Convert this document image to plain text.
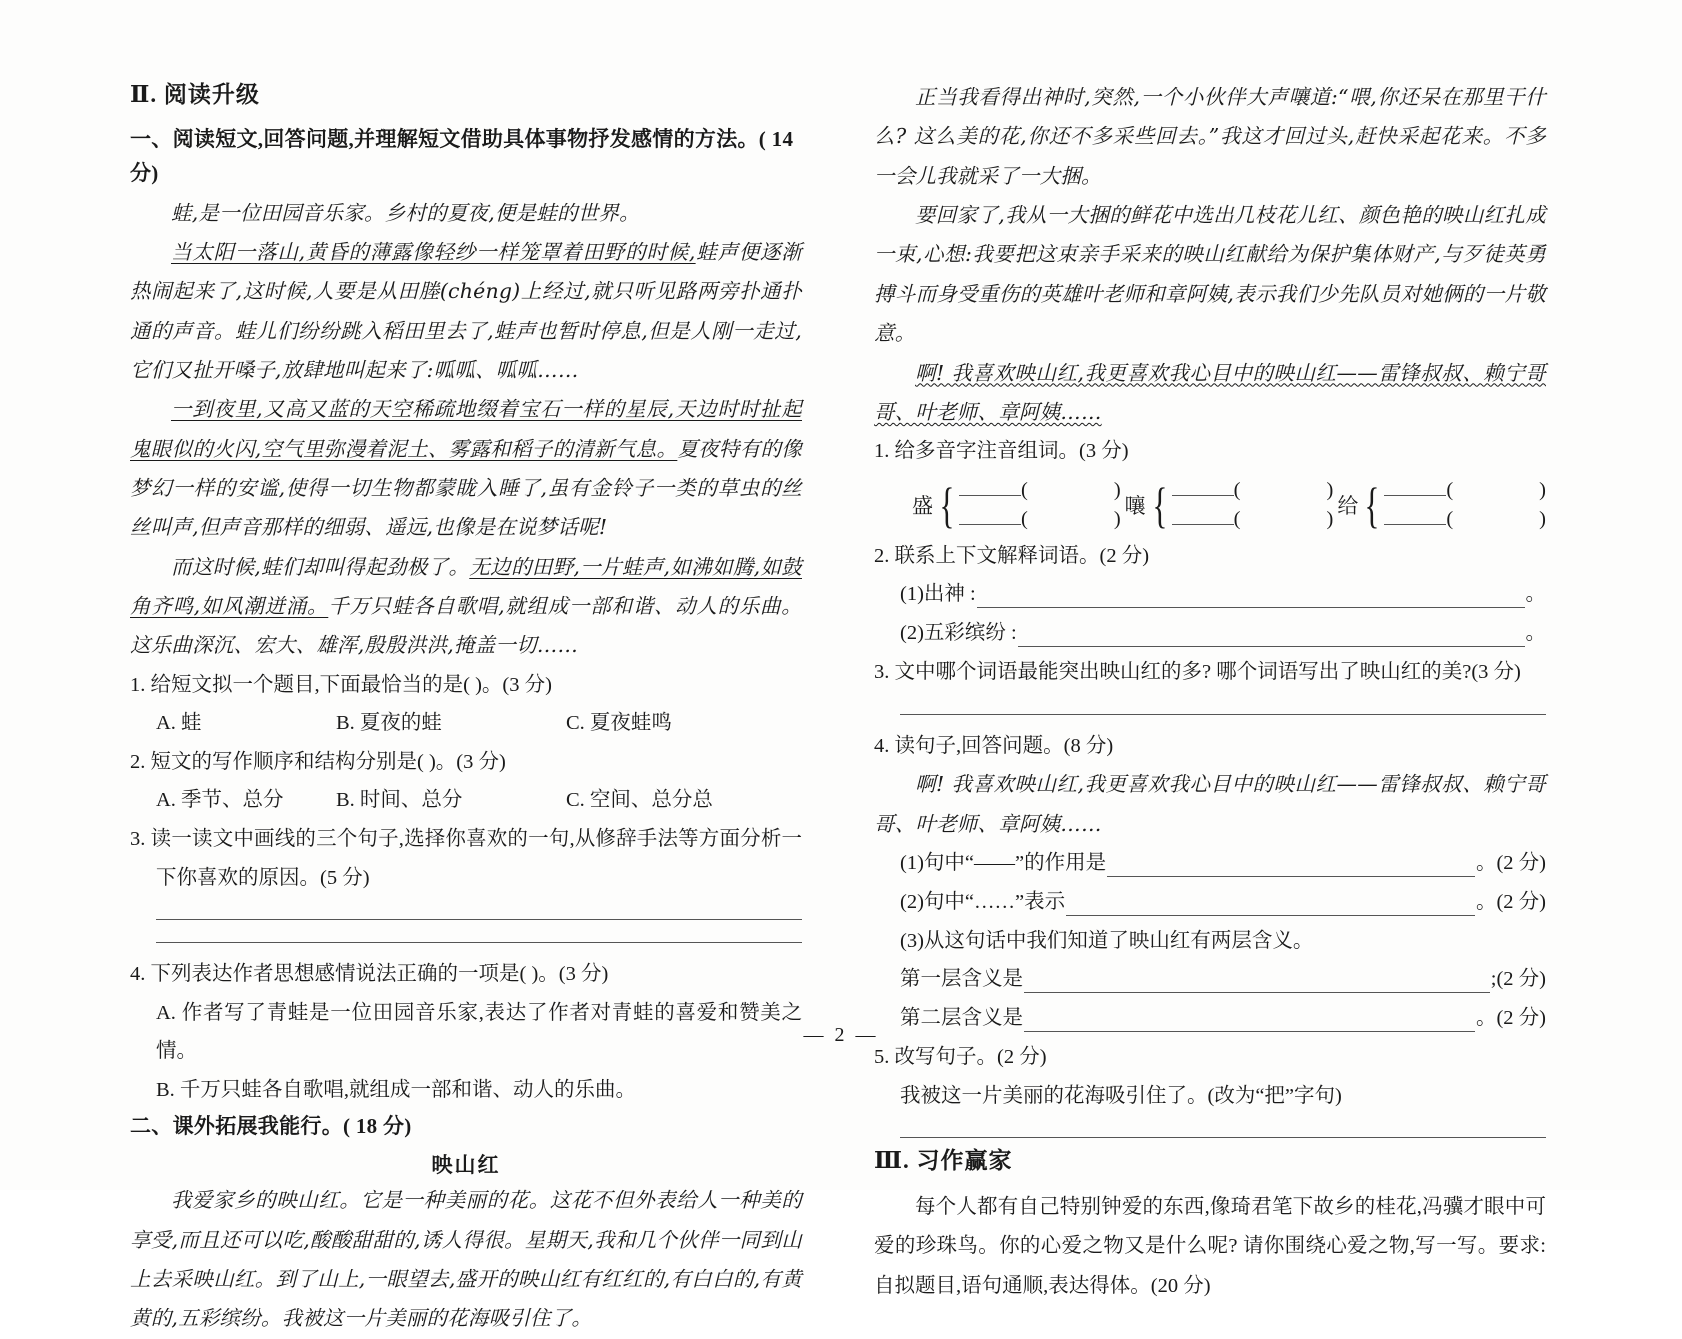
Ⅱ. 阅读升级
一、阅读短文,回答问题,并理解短文借助具体事物抒发感情的方法。( 14 分)

蛙,是一位田园音乐家。乡村的夏夜,便是蛙的世界。

当太阳一落山,黄昏的薄露像轻纱一样笼罩着田野的时候,蛙声便逐渐热闹起来了,这时候,人要是从田塍(chéng)上经过,就只听见路两旁扑通扑通的声音。蛙儿们纷纷跳入稻田里去了,蛙声也暂时停息,但是人刚一走过,它们又扯开嗓子,放肆地叫起来了:呱呱、呱呱……

一到夜里,又高又蓝的天空稀疏地缀着宝石一样的星辰,天边时时扯起鬼眼似的火闪,空气里弥漫着泥土、雾露和稻子的清新气息。夏夜特有的像梦幻一样的安谧,使得一切生物都蒙眬入睡了,虽有金铃子一类的草虫的丝丝叫声,但声音那样的细弱、遥远,也像是在说梦话呢!

而这时候,蛙们却叫得起劲极了。无边的田野,一片蛙声,如沸如腾,如鼓角齐鸣,如风潮迸涌。千万只蛙各自歌唱,就组成一部和谐、动人的乐曲。这乐曲深沉、宏大、雄浑,殷殷洪洪,掩盖一切……

1. 给短文拟一个题目,下面最恰当的是( )。(3 分)
A. 蛙	B. 夏夜的蛙	C. 夏夜蛙鸣
2. 短文的写作顺序和结构分别是( )。(3 分)
A. 季节、总分	B. 时间、总分	C. 空间、总分总
3. 读一读文中画线的三个句子,选择你喜欢的一句,从修辞手法等方面分析一下你喜欢的原因。(5 分)
4. 下列表达作者思想感情说法正确的一项是( )。(3 分)
A. 作者写了青蛙是一位田园音乐家,表达了作者对青蛙的喜爱和赞美之情。
B. 千万只蛙各自歌唱,就组成一部和谐、动人的乐曲。
二、课外拓展我能行。( 18 分)
映山红

我爱家乡的映山红。它是一种美丽的花。这花不但外表给人一种美的享受,而且还可以吃,酸酸甜甜的,诱人得很。星期天,我和几个伙伴一同到山上去采映山红。到了山上,一眼望去,盛开的映山红有红红的,有白白的,有黄黄的,五彩缤纷。我被这一片美丽的花海吸引住了。

正当我看得出神时,突然,一个小伙伴大声嚷道:“喂,你还呆在那里干什么? 这么美的花,你还不多采些回去。”我这才回过头,赶快采起花来。不多一会儿我就采了一大捆。

要回家了,我从一大捆的鲜花中选出几枝花儿红、颜色艳的映山红扎成一束,心想:我要把这束亲手采来的映山红献给为保护集体财产,与歹徒英勇搏斗而身受重伤的英雄叶老师和章阿姨,表示我们少先队员对她俩的一片敬意。

啊! 我喜欢映山红,我更喜欢我心目中的映山红——雷锋叔叔、赖宁哥哥、叶老师、章阿姨……

1. 给多音字注音组词。(3 分)
盛 {	(	)
(	)
嚷 {	(	)
(	)
给 {	(	)
(	)
2. 联系上下文解释词语。(2 分)
(1)出神 :	。
(2)五彩缤纷 :	。
3. 文中哪个词语最能突出映山红的多? 哪个词语写出了映山红的美?(3 分)
4. 读句子,回答问题。(8 分)

啊! 我喜欢映山红,我更喜欢我心目中的映山红——雷锋叔叔、赖宁哥哥、叶老师、章阿姨……

(1)句中“——”的作用是	。(2 分)
(2)句中“……”表示	。(2 分)
(3)从这句话中我们知道了映山红有两层含义。
第一层含义是	;(2 分)
第二层含义是	。(2 分)
5. 改写句子。(2 分)
我被这一片美丽的花海吸引住了。(改为“把”字句)
Ⅲ. 习作赢家

每个人都有自己特别钟爱的东西,像琦君笔下故乡的桂花,冯骥才眼中可爱的珍珠鸟。你的心爱之物又是什么呢? 请你围绕心爱之物,写一写。要求:自拟题目,语句通顺,表达得体。(20 分)

— 2 —
